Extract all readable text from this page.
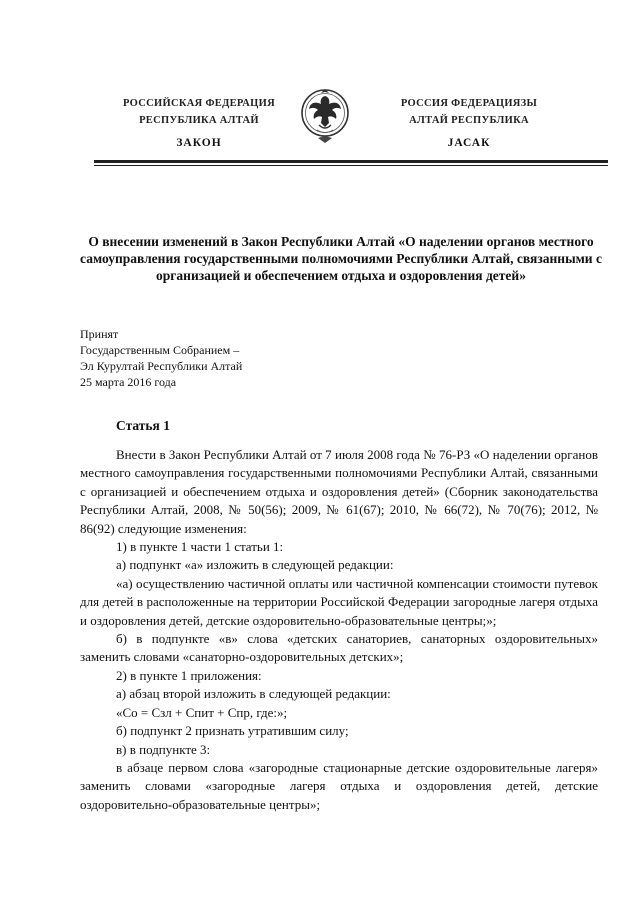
РОССИЙСКАЯ ФЕДЕРАЦИЯ
РЕСПУБЛИКА АЛТАЙ
ЗАКОН
РОССИЯ ФЕДЕРАЦИЯЗЫ
АЛТАЙ РЕСПУБЛИКА
JАСАК
О внесении изменений в Закон Республики Алтай «О наделении органов местного самоуправления государственными полномочиями Республики Алтай, связанными с организацией и обеспечением отдыха и оздоровления детей»
Принят
Государственным Собранием –
Эл Курултай Республики Алтай
25 марта 2016 года
Статья 1

Внести в Закон Республики Алтай от 7 июля 2008 года № 76-РЗ «О наделении органов местного самоуправления государственными полномочиями Республики Алтай, связанными с организацией и обеспечением отдыха и оздоровления детей» (Сборник законодательства Республики Алтай, 2008, № 50(56); 2009, № 61(67); 2010, № 66(72), № 70(76); 2012, № 86(92) следующие изменения:

1) в пункте 1 части 1 статьи 1:

а) подпункт «а» изложить в следующей редакции:

«а) осуществлению частичной оплаты или частичной компенсации стоимости путевок для детей в расположенные на территории Российской Федерации загородные лагеря отдыха и оздоровления детей, детские оздоровительно-образовательные центры;»;

б) в подпункте «в» слова «детских санаториев, санаторных оздоровительных» заменить словами «санаторно-оздоровительных детских»;

2) в пункте 1 приложения:

а) абзац второй изложить в следующей редакции:

«Со = Сзл + Спит + Спр, где:»;

б) подпункт 2 признать утратившим силу;

в) в подпункте 3:

в абзаце первом слова «загородные стационарные детские оздоровительные лагеря» заменить словами «загородные лагеря отдыха и оздоровления детей, детские оздоровительно-образовательные центры»;
